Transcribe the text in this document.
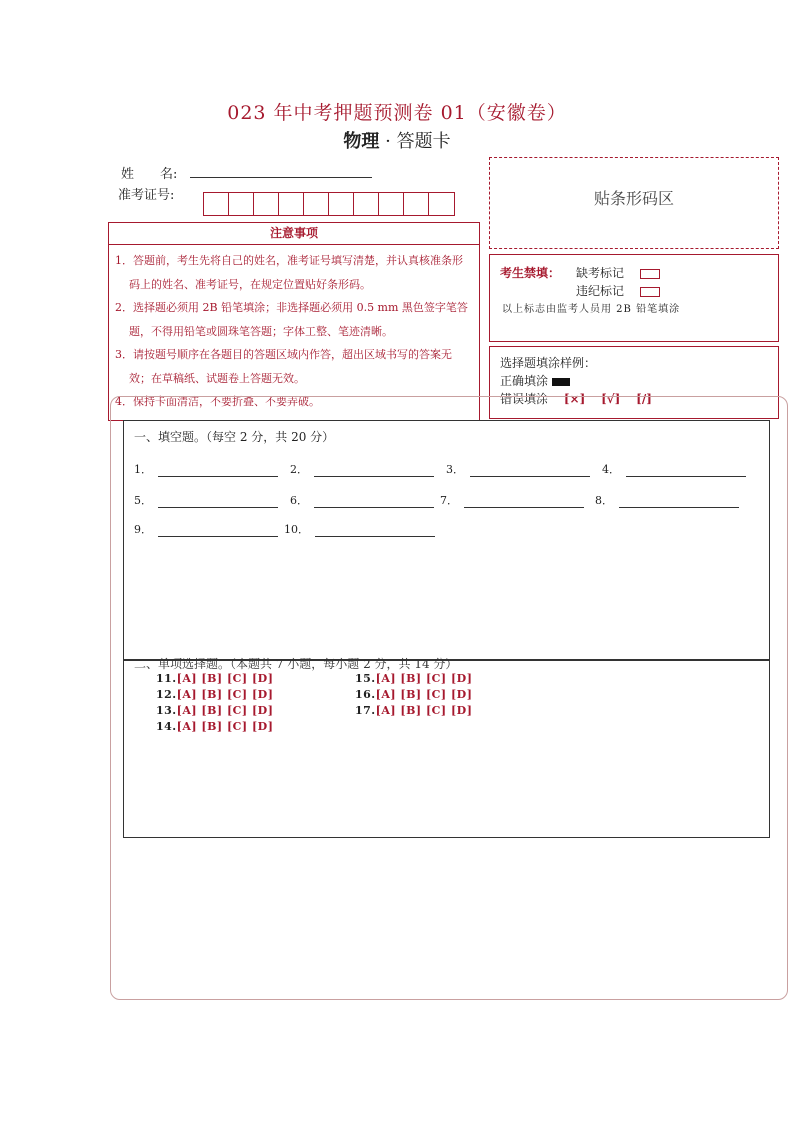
023 年中考押题预测卷 01（安徽卷）
物理 · 答题卡
姓　　名:
准考证号:	贴条形码区
注意事项

1．答题前，考生先将自己的姓名，准考证号填写清楚，并认真核准条形码上的姓名、准考证号，在规定位置贴好条形码。

2．选择题必须用 2B 铅笔填涂；非选择题必须用 0.5 mm 黑色签字笔答题，不得用铅笔或圆珠笔答题；字体工整、笔迹清晰。

3．请按题号顺序在各题目的答题区域内作答，超出区域书写的答案无效；在草稿纸、试题卷上答题无效。

4．保持卡面清洁，不要折叠、不要弄破。

考生禁填： 缺考标记
违纪标记
以上标志由监考人员用 2B 铅笔填涂
选择题填涂样例：
正确填涂
错误填涂 [×] [√] [/]
一、填空题。（每空 2 分，共 20 分）
1．	2．	3．	4．
5．	6．	7．	8．
9．	10．
二、单项选择题。（本题共 7 小题，每小题 2 分，共 14 分）
11.[A] [B] [C] [D]
12.[A] [B] [C] [D]
13.[A] [B] [C] [D]
14.[A] [B] [C] [D]
15.[A] [B] [C] [D]
16.[A] [B] [C] [D]
17.[A] [B] [C] [D]
